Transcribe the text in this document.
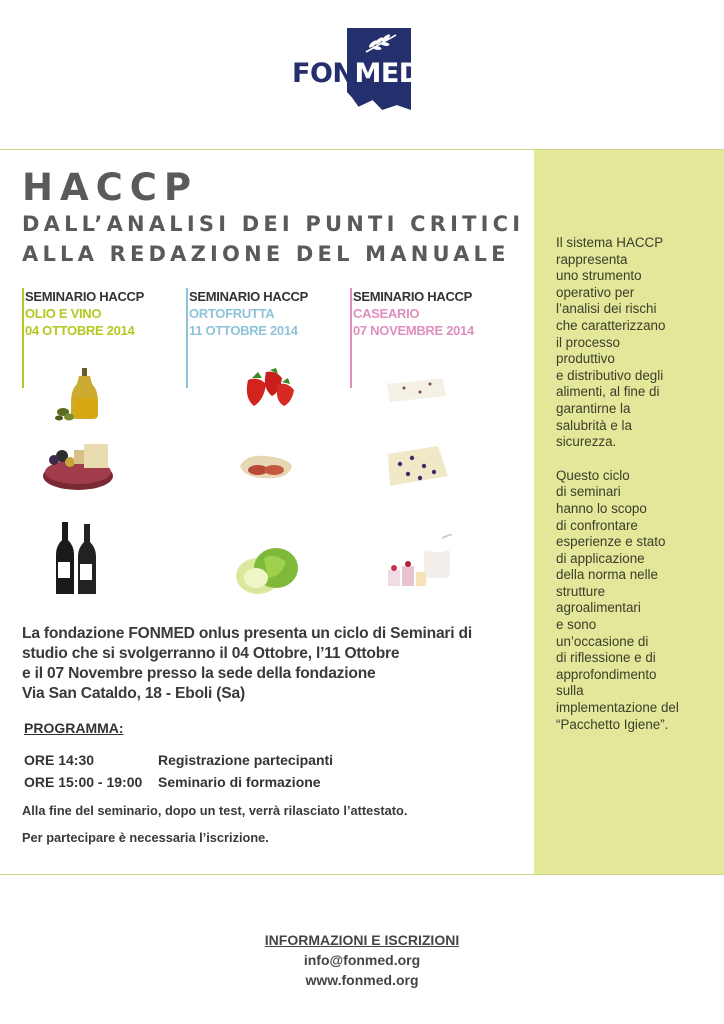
FONMED

Il sistema HACCP
rappresenta
uno strumento
operativo per
l’analisi dei rischi
che caratterizzano
il processo
produttivo
e distributivo degli
alimenti, al fine di
garantirne la
salubrità e la
sicurezza.

Questo ciclo
di seminari
hanno lo scopo
di confrontare
esperienze e stato
di applicazione
della norma nelle
strutture
agroalimentari
e sono
un’occasione di
di riflessione e di
approfondimento
sulla
implementazione del
“Pacchetto Igiene”.

HACCP
DALL’ANALISI DEI PUNTI CRITICI
ALLA REDAZIONE DEL MANUALE
SEMINARIO HACCP
OLIO E VINO
04 OTTOBRE 2014
SEMINARIO HACCP
ORTOFRUTTA
11 OTTOBRE 2014
SEMINARIO HACCP
CASEARIO
07 NOVEMBRE 2014
La fondazione FONMED onlus presenta un ciclo di Seminari di
studio che si svolgerranno il 04 Ottobre, l’11 Ottobre
e il 07 Novembre presso la sede della fondazione
Via San Cataldo, 18 - Eboli (Sa)
PROGRAMMA:
ORE 14:30	Registrazione partecipanti
ORE 15:00 - 19:00 Seminario di formazione

Alla fine del seminario, dopo un test, verrà rilasciato l’attestato.

Per partecipare è necessaria l’iscrizione.

INFORMAZIONI E ISCRIZIONI
info@fonmed.org
www.fonmed.org
